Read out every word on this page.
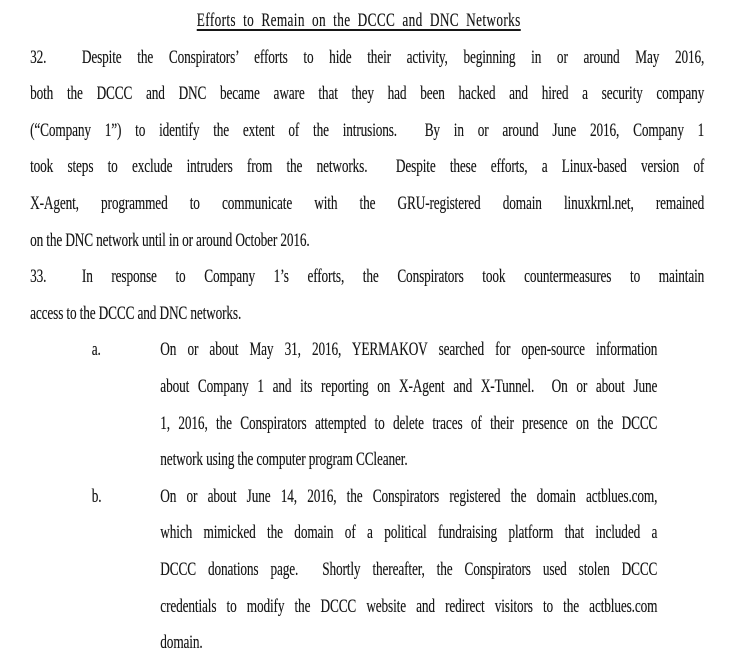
Efforts to Remain on the DCCC and DNC Networks
32. Despite the Conspirators’ efforts to hide their activity, beginning in or around May 2016,
both the DCCC and DNC became aware that they had been hacked and hired a security company
(“Company 1”) to identify the extent of the intrusions.  By in or around June 2016, Company 1
took steps to exclude intruders from the networks.  Despite these efforts, a Linux-based version of
X-Agent, programmed to communicate with the GRU-registered domain linuxkrnl.net, remained
on the DNC network until in or around October 2016.
33. In response to Company 1’s efforts, the Conspirators took countermeasures to maintain
access to the DCCC and DNC networks.
a.	On or about May 31, 2016, YERMAKOV searched for open-source information
about Company 1 and its reporting on X-Agent and X-Tunnel.  On or about June
1, 2016, the Conspirators attempted to delete traces of their presence on the DCCC
network using the computer program CCleaner.
b.	On or about June 14, 2016, the Conspirators registered the domain actblues.com,
which mimicked the domain of a political fundraising platform that included a
DCCC donations page.  Shortly thereafter, the Conspirators used stolen DCCC
credentials to modify the DCCC website and redirect visitors to the actblues.com
domain.
